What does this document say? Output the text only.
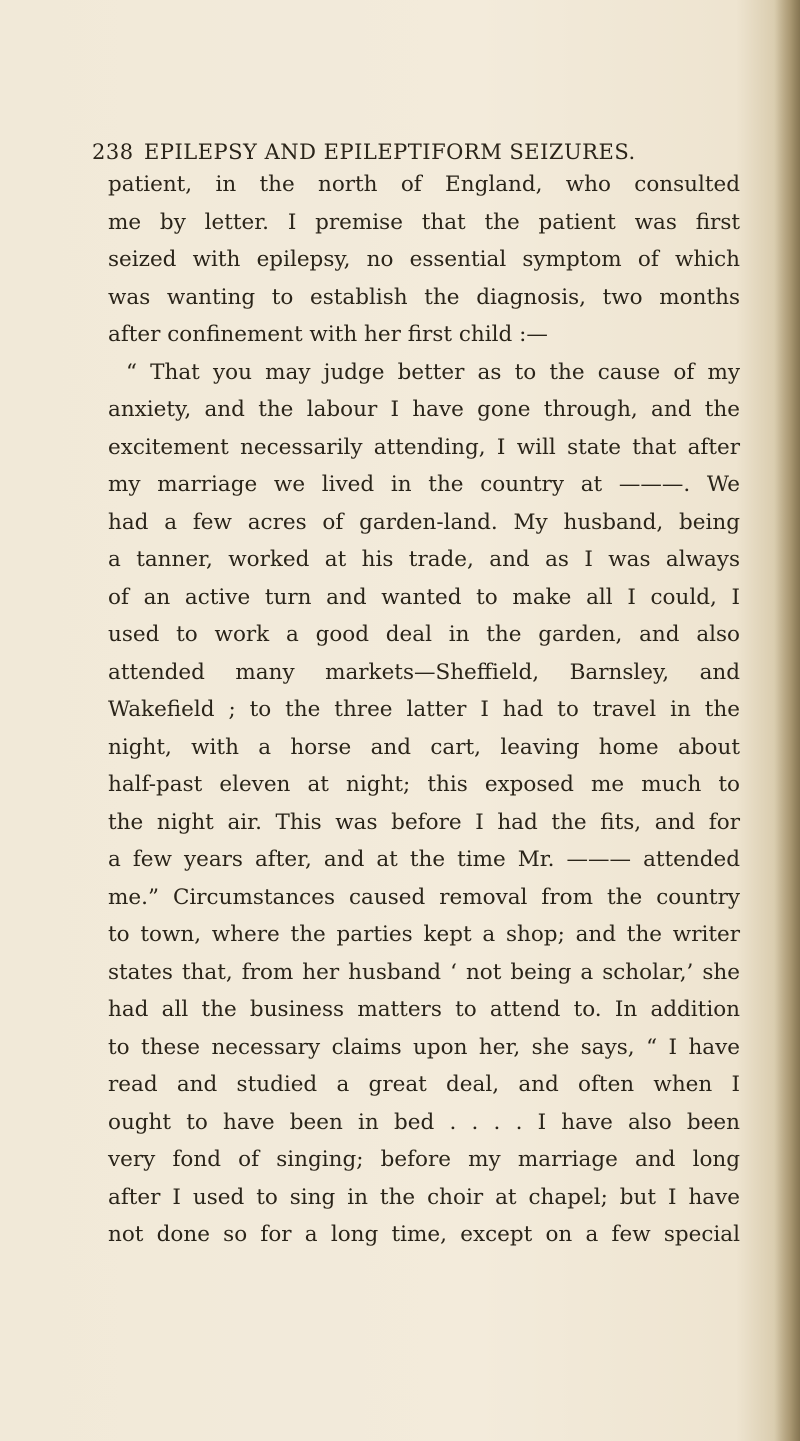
238 EPILEPSY AND EPILEPTIFORM SEIZURES.
patient, in the north of England, who consulted
me by letter. I premise that the patient was first
seized with epilepsy, no essential symptom of which
was wanting to establish the diagnosis, two months
after confinement with her first child :—
“ That you may judge better as to the cause of my
anxiety, and the labour I have gone through, and the
excitement necessarily attending, I will state that after
my marriage we lived in the country at ———. We
had a few acres of garden-land. My husband, being
a tanner, worked at his trade, and as I was always
of an active turn and wanted to make all I could, I
used to work a good deal in the garden, and also
attended many markets—Sheffield, Barnsley, and
Wakefield ; to the three latter I had to travel in the
night, with a horse and cart, leaving home about
half-past eleven at night; this exposed me much to
the night air. This was before I had the fits, and for
a few years after, and at the time Mr. ——— attended
me.” Circumstances caused removal from the country
to town, where the parties kept a shop; and the writer
states that, from her husband ‘ not being a scholar,’ she
had all the business matters to attend to. In addition
to these necessary claims upon her, she says, “ I have
read and studied a great deal, and often when I
ought to have been in bed . . . . I have also been
very fond of singing; before my marriage and long
after I used to sing in the choir at chapel; but I have
not done so for a long time, except on a few special
